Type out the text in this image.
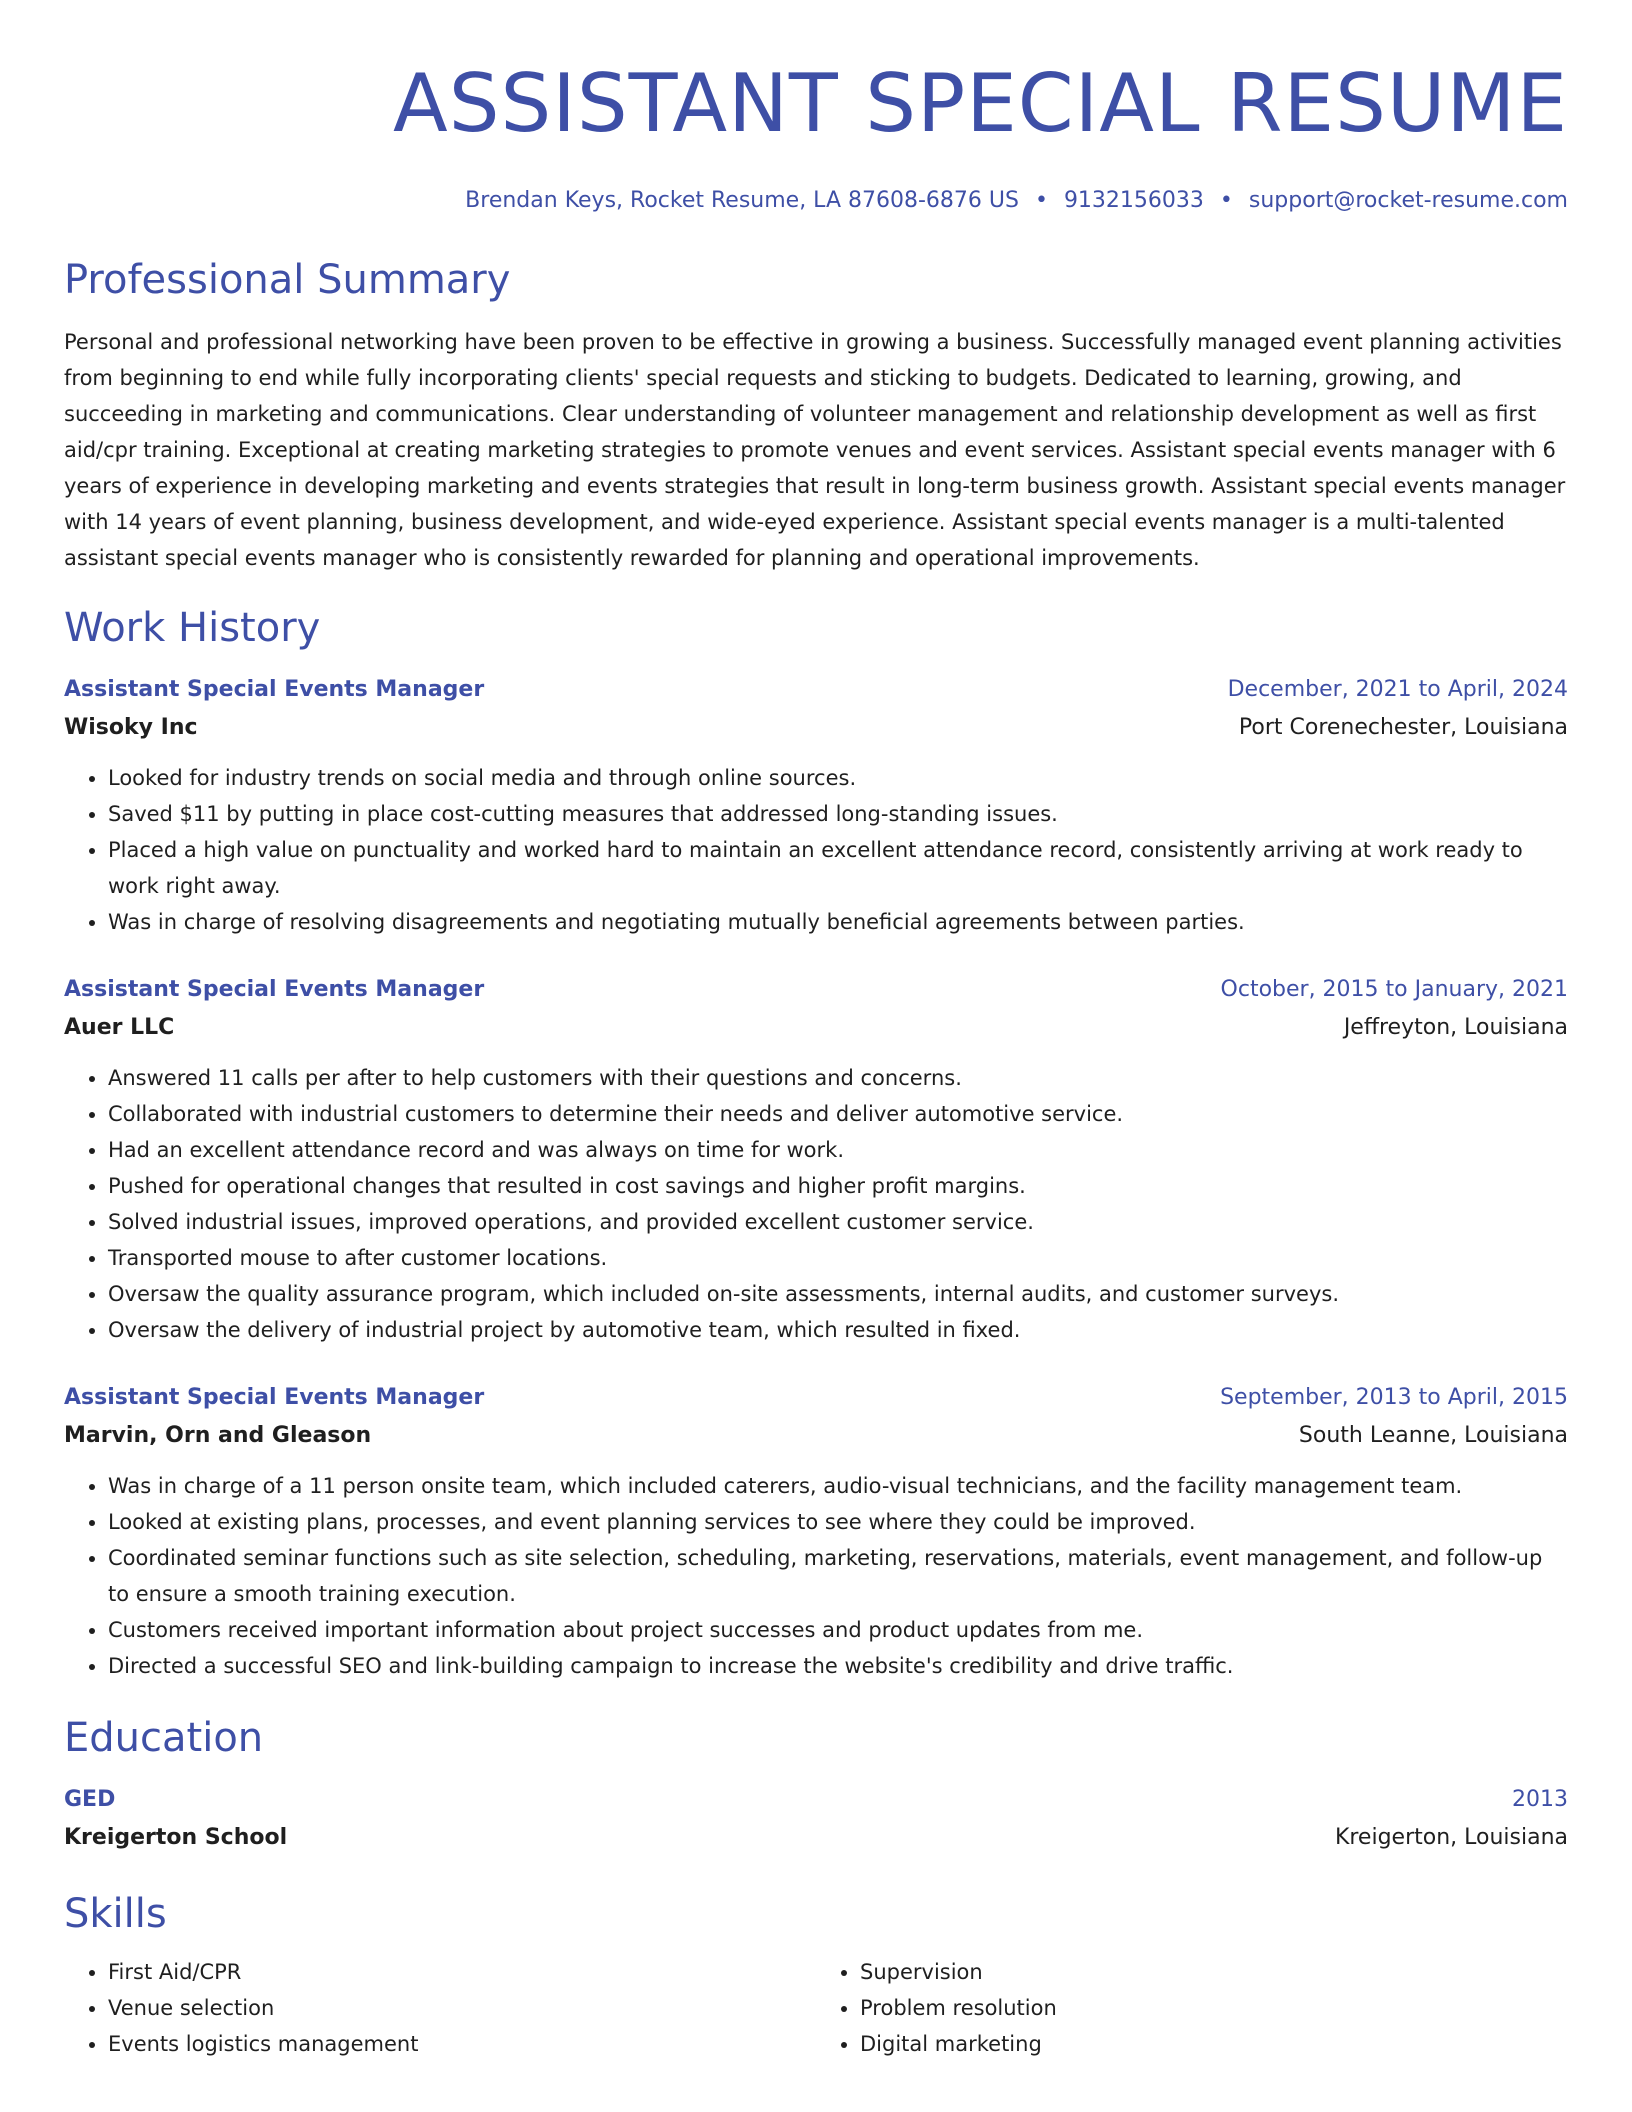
ASSISTANT SPECIAL RESUME
Brendan Keys, Rocket Resume, LA 87608-6876 US • 9132156033 • support@rocket-resume.com
Professional Summary
Personal and professional networking have been proven to be effective in growing a business. Successfully managed event planning activities from beginning to end while fully incorporating clients' special requests and sticking to budgets. Dedicated to learning, growing, and succeeding in marketing and communications. Clear understanding of volunteer management and relationship development as well as first aid/cpr training. Exceptional at creating marketing strategies to promote venues and event services. Assistant special events manager with 6 years of experience in developing marketing and events strategies that result in long-term business growth. Assistant special events manager with 14 years of event planning, business development, and wide-eyed experience. Assistant special events manager is a multi-talented assistant special events manager who is consistently rewarded for planning and operational improvements.
Work History
Assistant Special Events Manager	December, 2021 to April, 2024
Wisoky Inc	Port Corenechester, Louisiana
• Looked for industry trends on social media and through online sources.
• Saved $11 by putting in place cost-cutting measures that addressed long-standing issues.
• Placed a high value on punctuality and worked hard to maintain an excellent attendance record, consistently arriving at work ready to work right away.
• Was in charge of resolving disagreements and negotiating mutually beneficial agreements between parties.
Assistant Special Events Manager	October, 2015 to January, 2021
Auer LLC	Jeffreyton, Louisiana
• Answered 11 calls per after to help customers with their questions and concerns.
• Collaborated with industrial customers to determine their needs and deliver automotive service.
• Had an excellent attendance record and was always on time for work.
• Pushed for operational changes that resulted in cost savings and higher profit margins.
• Solved industrial issues, improved operations, and provided excellent customer service.
• Transported mouse to after customer locations.
• Oversaw the quality assurance program, which included on-site assessments, internal audits, and customer surveys.
• Oversaw the delivery of industrial project by automotive team, which resulted in fixed.
Assistant Special Events Manager	September, 2013 to April, 2015
Marvin, Orn and Gleason	South Leanne, Louisiana
• Was in charge of a 11 person onsite team, which included caterers, audio-visual technicians, and the facility management team.
• Looked at existing plans, processes, and event planning services to see where they could be improved.
• Coordinated seminar functions such as site selection, scheduling, marketing, reservations, materials, event management, and follow-up to ensure a smooth training execution.
• Customers received important information about project successes and product updates from me.
• Directed a successful SEO and link-building campaign to increase the website's credibility and drive traffic.
Education
GED	2013
Kreigerton School	Kreigerton, Louisiana
Skills
• First Aid/CPR
• Venue selection
• Events logistics management
• Supervision
• Problem resolution
• Digital marketing
